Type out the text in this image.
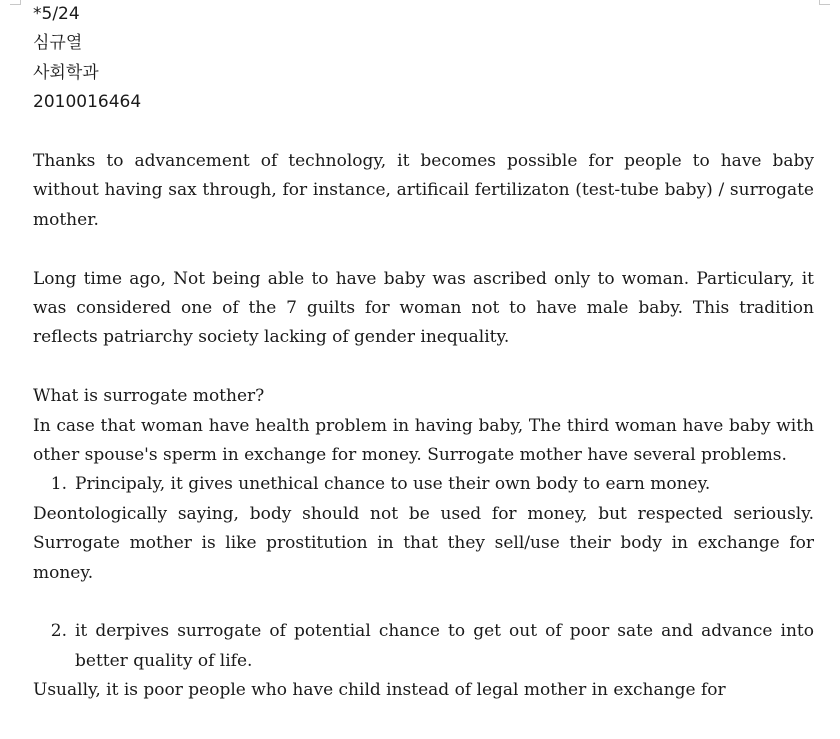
*5/24
심규열
사회학과
2010016464

Thanks to advancement of technology, it becomes possible for people to have baby without having sax through, for instance, artificail fertilizaton (test-tube baby) / surrogate mother.

Long time ago, Not being able to have baby was ascribed only to woman. Particulary, it was considered one of the 7 guilts for woman not to have male baby. This tradition reflects patriarchy society lacking of gender inequality.

What is surrogate mother?

In case that woman have health problem in having baby, The third woman have baby with other spouse's sperm in exchange for money. Surrogate mother have several problems.

1. Principaly, it gives unethical chance to use their own body to earn money.

Deontologically saying, body should not be used for money, but respected seriously. Surrogate mother is like prostitution in that they sell/use their body in exchange for money.

2. it derpives surrogate of potential chance to get out of poor sate and advance into better quality of life.

Usually, it is poor people who have child instead of legal mother in exchange for
